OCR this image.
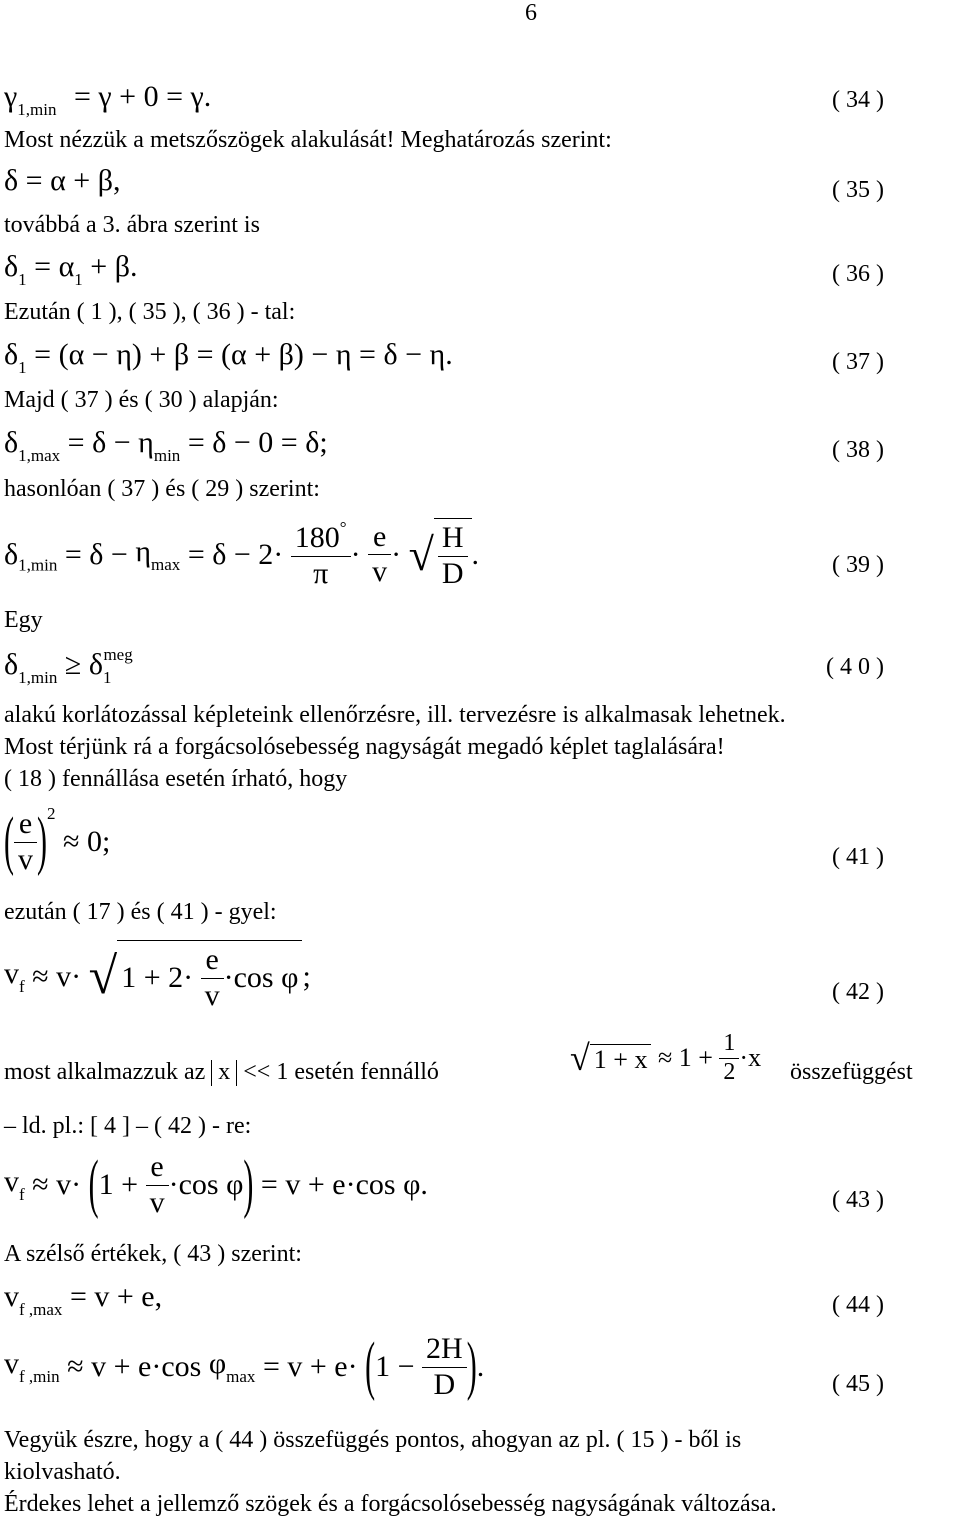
6
$\gamma_{1,min} = \gamma + 0 = \gamma$.	( 34 )
Most nézzük a metszőszögek alakulását! Meghatározás szerint:
δ = α + β,	( 35 )
továbbá a 3. ábra szerint is
$\delta_1 = \alpha_1 + \beta$.	( 36 )
Ezután ( 1 ), ( 35 ), ( 36 ) - tal:
$\delta_1 = (\alpha - \eta) + \beta = (\alpha + \beta) - \eta = \delta - \eta$.	( 37 )
Majd ( 37 ) és ( 30 ) alapján:
$\delta_{1,max} = \delta - \eta_{min} = \delta - 0 = \delta$;	( 38 )
hasonlóan ( 37 ) és ( 29 ) szerint:
$\delta_{1,min} = \delta - \eta_{max} = \delta - 2\cdot \frac{180^\circ}{\pi} \cdot \frac{e}{v}$ · √ $\frac{H}{D}$ .	( 39 )
Egy
$\delta_{1,min} \ge \delta_1^{meg}$	( 4 0 )
alakú korlátozással képleteink ellenőrzésre, ill. tervezésre is alkalmasak lehetnek.
Most térjünk rá a forgácsolósebesség nagyságát megadó képlet taglalására!
( 18 ) fennállása esetén írható, hogy
( $\frac{e}{v} )^2 \approx 0$;	( 41 )
ezután ( 17 ) és ( 41 ) - gyel:
$v_f \approx v\cdot$ √ $1 + 2\cdot \frac{e}{v} \cdot\cos$ φ ;	( 42 )
most alkalmazzuk az x << 1 esetén fennálló	√ $1 + x \approx 1 + \frac{1}{2} \cdot x$ összefüggést
– ld. pl.: [ 4 ] – ( 42 ) - re:
$v_f \approx v\cdot (1 + \frac{e}{v} \cdot\cos$ φ) = v + e·cos φ.	( 43 )
A szélső értékek, ( 43 ) szerint:
$v_{f ,max} = v + e$,	( 44 )
$v_{f ,min} \approx v + e\cdot\cos$ $\varphi_{max} = v + e\cdot (1 - \frac{2H}{D}$ ).
( 45 )
Vegyük észre, hogy a ( 44 ) összefüggés pontos, ahogyan az pl. ( 15 ) - ből is
kiolvasható.
Érdekes lehet a jellemző szögek és a forgácsolósebesség nagyságának változása.
